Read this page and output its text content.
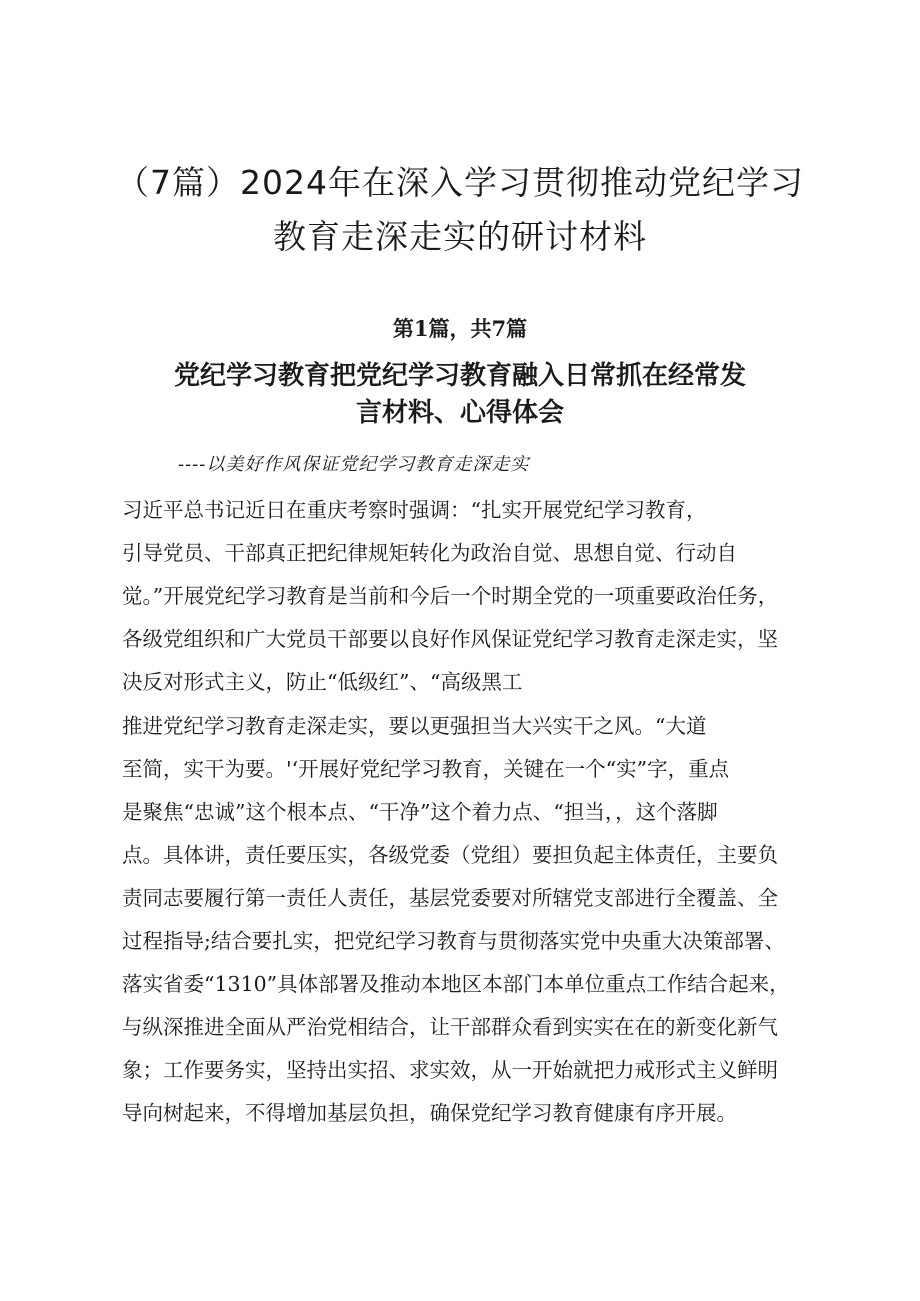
（7篇）2024年在深入学习贯彻推动党纪学习
教育走深走实的研讨材料
第1篇，共7篇
党纪学习教育把党纪学习教育融入日常抓在经常发
言材料、心得体会
----以美好作风保证党纪学习教育走深走实
习近平总书记近日在重庆考察时强调：“扎实开展党纪学习教育，
引导党员、干部真正把纪律规矩转化为政治自觉、思想自觉、行动自
觉。”开展党纪学习教育是当前和今后一个时期全党的一项重要政治任务，
各级党组织和广大党员干部要以良好作风保证党纪学习教育走深走实，坚
决反对形式主义，防止“低级红”、“高级黑工
推进党纪学习教育走深走实，要以更强担当大兴实干之风。“大道
至简，实干为要。'‘开展好党纪学习教育，关键在一个“实”字，重点
是聚焦“忠诚”这个根本点、“干净”这个着力点、“担当，，这个落脚
点。具体讲，责任要压实，各级党委（党组）要担负起主体责任，主要负
责同志要履行第一责任人责任，基层党委要对所辖党支部进行全覆盖、全
过程指导;结合要扎实，把党纪学习教育与贯彻落实党中央重大决策部署、
落实省委“1310”具体部署及推动本地区本部门本单位重点工作结合起来，
与纵深推进全面从严治党相结合，让干部群众看到实实在在的新变化新气
象；工作要务实，坚持出实招、求实效，从一开始就把力戒形式主义鲜明
导向树起来，不得增加基层负担，确保党纪学习教育健康有序开展。
